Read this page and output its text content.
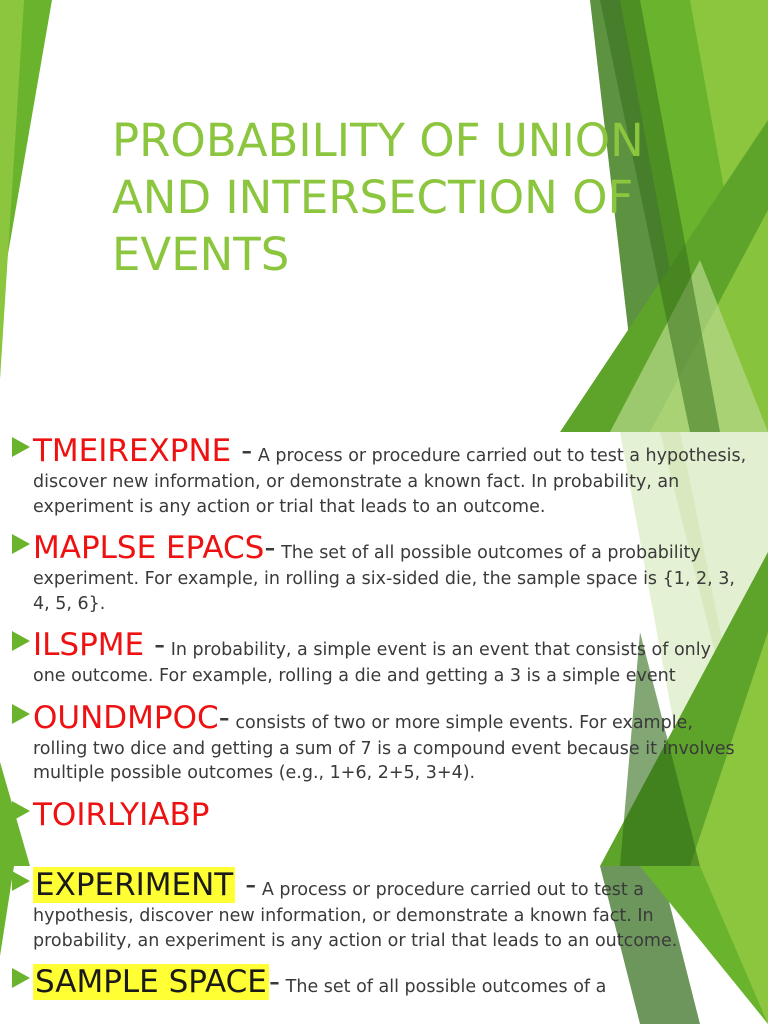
PROBABILITY OF UNION AND INTERSECTION OF EVENTS
TMEIREXPNE - A process or procedure carried out to test a hypothesis, discover new information, or demonstrate a known fact. In probability, an experiment is any action or trial that leads to an outcome.
MAPLSE EPACS- The set of all possible outcomes of a probability experiment. For example, in rolling a six-sided die, the sample space is {1, 2, 3, 4, 5, 6}.
ILSPME - In probability, a simple event is an event that consists of only one outcome. For example, rolling a die and getting a 3 is a simple event
OUNDMPOC- consists of two or more simple events. For example, rolling two dice and getting a sum of 7 is a compound event because it involves multiple possible outcomes (e.g., 1+6, 2+5, 3+4).
TOIRLYIABP
EXPERIMENT - A process or procedure carried out to test a hypothesis, discover new information, or demonstrate a known fact. In probability, an experiment is any action or trial that leads to an outcome.
SAMPLE SPACE- The set of all possible outcomes of a
